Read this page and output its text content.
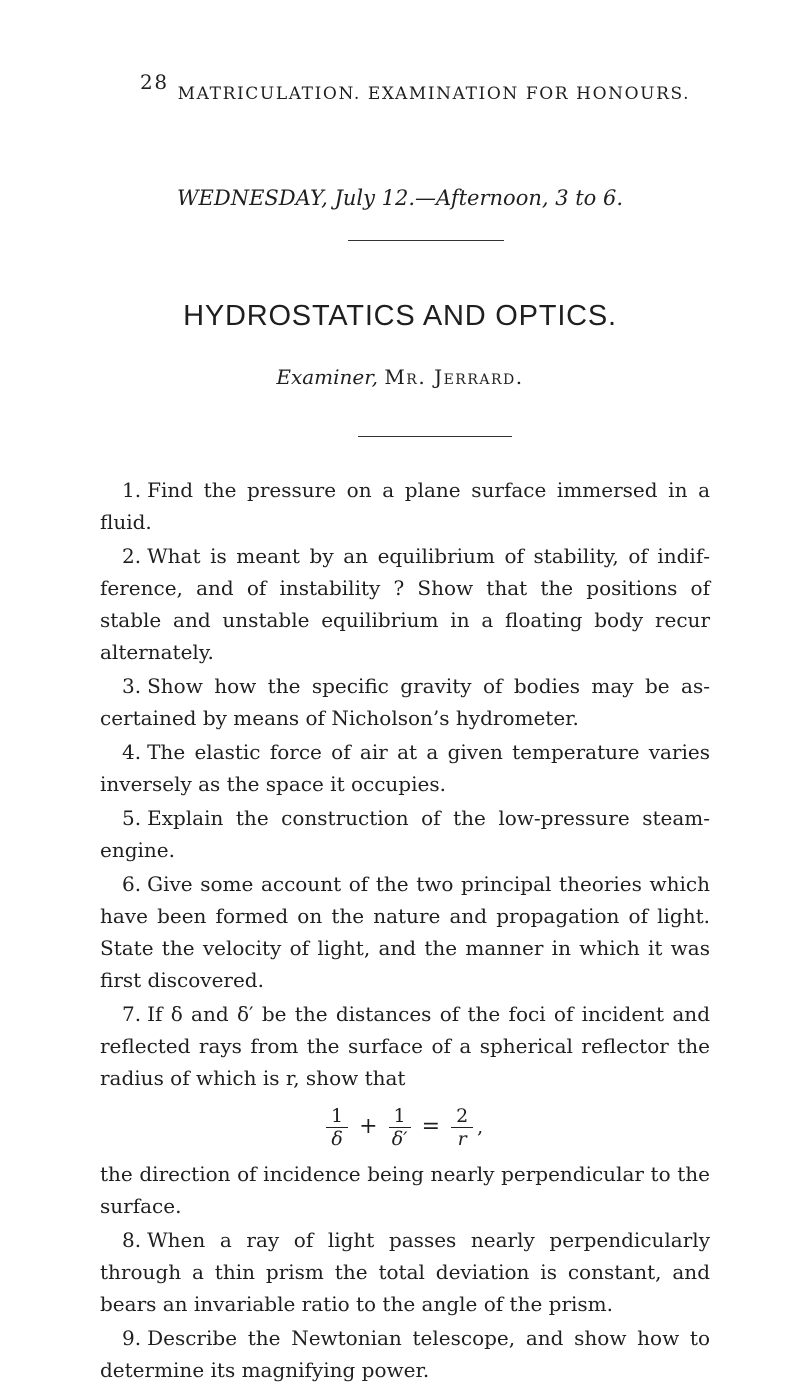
28 MATRICULATION. EXAMINATION FOR HONOURS.
WEDNESDAY, July 12.—Afternoon, 3 to 6.
HYDROSTATICS AND OPTICS.
Examiner, Mr. Jerrard.

1. Find the pressure on a plane surface immersed in a fluid.

2. What is meant by an equilibrium of stability, of indifference, and of instability ? Show that the positions of stable and unstable equilibrium in a floating body recur alternately.

3. Show how the specific gravity of bodies may be ascertained by means of Nicholson’s hydrometer.

4. The elastic force of air at a given temperature varies inversely as the space it occupies.

5. Explain the construction of the low-pressure steam-engine.

6. Give some account of the two principal theories which have been formed on the nature and propagation of light. State the velocity of light, and the manner in which it was first discovered.

7. If δ and δ′ be the distances of the foci of incident and reflected rays from the surface of a spherical reflector the radius of which is r, show that

$\frac{1}{\delta} + \frac{1}{\delta'} = \frac{2}{r}$ ,

the direction of incidence being nearly perpendicular to the surface.

8. When a ray of light passes nearly perpendicularly through a thin prism the total deviation is constant, and bears an invariable ratio to the angle of the prism.

9. Describe the Newtonian telescope, and show how to determine its magnifying power.
